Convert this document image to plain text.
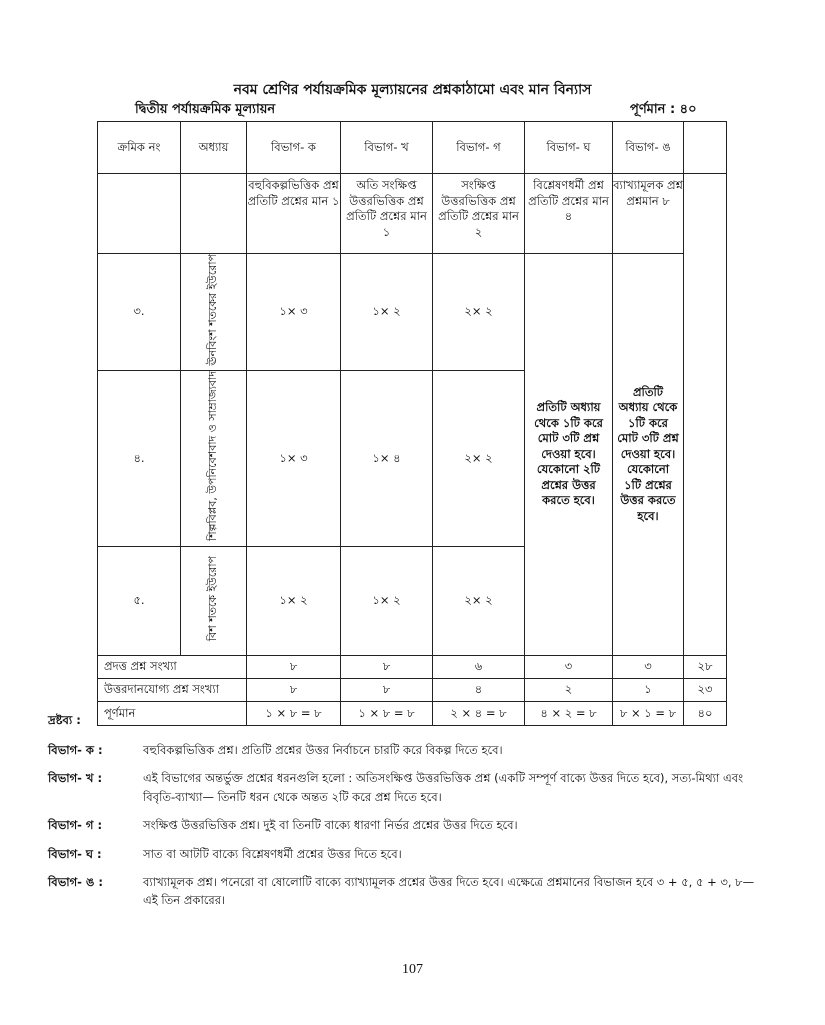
নবম শ্রেণির পর্যায়ক্রমিক মূল্যায়নের প্রশ্নকাঠামো এবং মান বিন্যাস
দ্বিতীয় পর্যায়ক্রমিক মূল্যায়ন	পূর্ণমান : ৪০
ক্রমিক নং	অধ্যায়	বিভাগ- ক	বিভাগ- খ	বিভাগ- গ	বিভাগ- ঘ	বিভাগ- ঙ	
		বহুবিকল্পভিত্তিক প্রশ্ন প্রতিটি প্রশ্নের মান ১	অতি সংক্ষিপ্ত উত্তরভিত্তিক প্রশ্ন প্রতিটি প্রশ্নের মান ১	সংক্ষিপ্ত উত্তরভিত্তিক প্রশ্ন প্রতিটি প্রশ্নের মান ২	বিশ্লেষণধর্মী প্রশ্ন প্রতিটি প্রশ্নের মান ৪	ব্যাখ্যামূলক প্রশ্ন প্রশ্নমান ৮	
৩.	ঊনবিংশ শতকের ইউরোপ	১× ৩	১× ২	২× ২	প্রতিটি অধ্যায় থেকে ১টি করে মোট ৩টি প্রশ্ন দেওয়া হবে। যেকোনো ২টি প্রশ্নের উত্তর করতে হবে।	প্রতিটি অধ্যায় থেকে ১টি করে মোট ৩টি প্রশ্ন দেওয়া হবে। যেকোনো ১টি প্রশ্নের উত্তর করতে হবে।	
৪.	শিল্পবিপ্লব, উপনিবেশবাদ ও সাম্রাজ্যবাদ	১× ৩	১× ৪	২× ২			
৫.	বিশ শতকে ইউরোপ	১× ২	১× ২	২× ২			
প্রদত্ত প্রশ্ন সংখ্যা		৮	৮	৬	৩	৩	২৮
উত্তরদানযোগ্য প্রশ্ন সংখ্যা		৮	৮	৪	২	১	২৩
পূর্ণমান		১ × ৮ = ৮	১ × ৮ = ৮	২ × ৪ = ৮	৪ × ২ = ৮	৮ × ১ = ৮	৪০
দ্রষ্টব্য :
বিভাগ- ক :	বহুবিকল্পভিত্তিক প্রশ্ন। প্রতিটি প্রশ্নের উত্তর নির্বাচনে চারটি করে বিকল্প দিতে হবে।
বিভাগ- খ :	এই বিভাগের অন্তর্ভুক্ত প্রশ্নের ধরনগুলি হলো : অতিসংক্ষিপ্ত উত্তরভিত্তিক প্রশ্ন (একটি সম্পূর্ণ বাক্যে উত্তর দিতে হবে), সত্য-মিথ্যা এবং বিবৃতি-ব্যাখ্যা— তিনটি ধরন থেকে অন্তত ২টি করে প্রশ্ন দিতে হবে।
বিভাগ- গ :	সংক্ষিপ্ত উত্তরভিত্তিক প্রশ্ন। দুই বা তিনটি বাক্যে ধারণা নির্ভর প্রশ্নের উত্তর দিতে হবে।
বিভাগ- ঘ :	সাত বা আটটি বাক্যে বিশ্লেষণধর্মী প্রশ্নের উত্তর দিতে হবে।
বিভাগ- ঙ :	ব্যাখ্যামূলক প্রশ্ন। পনেরো বা ষোলোটি বাক্যে ব্যাখ্যামূলক প্রশ্নের উত্তর দিতে হবে। এক্ষেত্রে প্রশ্নমানের বিভাজন হবে ৩ + ৫, ৫ + ৩, ৮—এই তিন প্রকারের।
107
